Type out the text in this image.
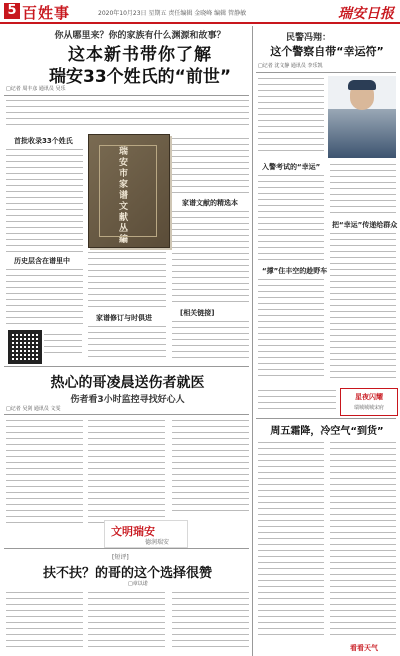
5 百姓事	2020年10月23日 星期五 责任编辑 金晓峰 编辑 管静敏	瑞安日报
你从哪里来？你的家族有什么渊源和故事？
这本新书带你了解
瑞安33个姓氏的“前世”
□记者 周丰彦 通讯员 吴乐
首批收录33个姓氏
历史层含在谱里中
瑞安市家谱文献丛編
家谱修订与时俱进
家谱文献的精选本
[相关链接]
民警冯翔：
这个警察自带“幸运符”
□记者 沈文静 通讯员 李乐凯
入警考试的“幸运”
“撑”住丰空的趁野车
把“幸运”传递给群众
星夜闪耀
瑞城城城宋府
周五霜降，冷空气“到货”
看看天气
热心的哥凌晨送伤者就医
伤者看3小时监控寻找好心人
□记者 吴剑 通讯员 文雯
文明瑞安
德润瑞安
[短评]
扶不扶？的哥的这个选择很赞
□章以诺
